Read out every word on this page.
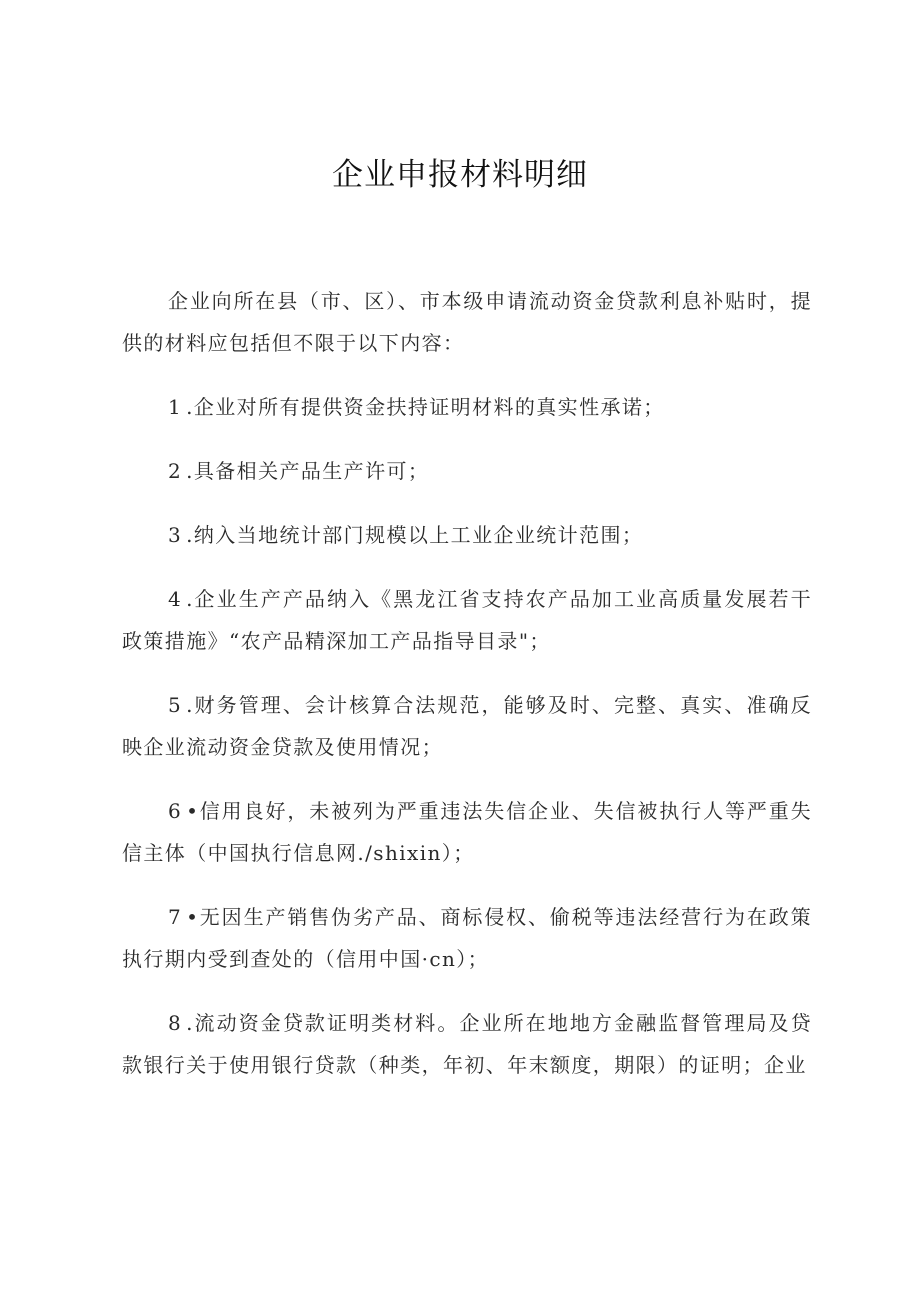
企业申报材料明细

企业向所在县（市、区）、市本级申请流动资金贷款利息补贴时，提供的材料应包括但不限于以下内容：

1 .企业对所有提供资金扶持证明材料的真实性承诺；

2 .具备相关产品生产许可；

3 .纳入当地统计部门规模以上工业企业统计范围；

4 .企业生产产品纳入《黑龙江省支持农产品加工业高质量发展若干政策措施》“农产品精深加工产品指导目录"；

5 .财务管理、会计核算合法规范，能够及时、完整、真实、准确反映企业流动资金贷款及使用情况；

6 •信用良好，未被列为严重违法失信企业、失信被执行人等严重失信主体（中国执行信息网./shixin）；

7 •无因生产销售伪劣产品、商标侵权、偷税等违法经营行为在政策执行期内受到查处的（信用中国·cn）；

8 .流动资金贷款证明类材料。企业所在地地方金融监督管理局及贷款银行关于使用银行贷款（种类，年初、年末额度，期限）的证明；企业
